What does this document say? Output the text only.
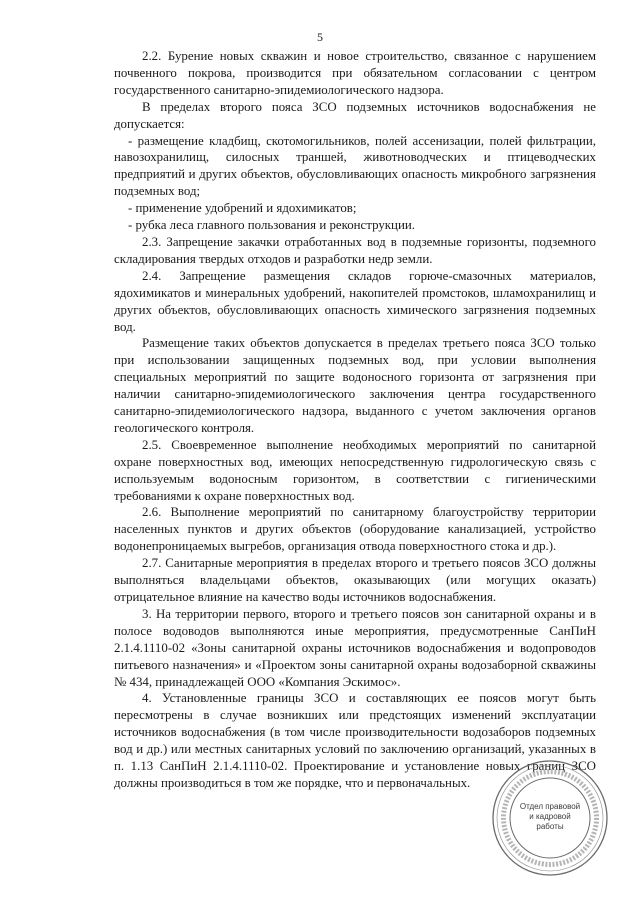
5

2.2. Бурение новых скважин и новое строительство, связанное с нарушением почвенного покрова, производится при обязательном согласовании с центром государственного санитарно-эпидемиологического надзора.

В пределах второго пояса ЗСО подземных источников водоснабжения не допускается:

- размещение кладбищ, скотомогильников, полей ассенизации, полей фильтрации, навозохранилищ, силосных траншей, животноводческих и птицеводческих предприятий и других объектов, обусловливающих опасность микробного загрязнения подземных вод;

- применение удобрений и ядохимикатов;

- рубка леса главного пользования и реконструкции.

2.3. Запрещение закачки отработанных вод в подземные горизонты, подземного складирования твердых отходов и разработки недр земли.

2.4. Запрещение размещения складов горюче-смазочных материалов, ядохимикатов и минеральных удобрений, накопителей промстоков, шламохранилищ и других объектов, обусловливающих опасность химического загрязнения подземных вод.

Размещение таких объектов допускается в пределах третьего пояса ЗСО только при использовании защищенных подземных вод, при условии выполнения специальных мероприятий по защите водоносного горизонта от загрязнения при наличии санитарно-эпидемиологического заключения центра государственного санитарно-эпидемиологического надзора, выданного с учетом заключения органов геологического контроля.

2.5. Своевременное выполнение необходимых мероприятий по санитарной охране поверхностных вод, имеющих непосредственную гидрологическую связь с используемым водоносным горизонтом, в соответствии с гигиеническими требованиями к охране поверхностных вод.

2.6. Выполнение мероприятий по санитарному благоустройству территории населенных пунктов и других объектов (оборудование канализацией, устройство водонепроницаемых выгребов, организация отвода поверхностного стока и др.).

2.7. Санитарные мероприятия в пределах второго и третьего поясов ЗСО должны выполняться владельцами объектов, оказывающих (или могущих оказать) отрицательное влияние на качество воды источников водоснабжения.

3. На территории первого, второго и третьего поясов зон санитарной охраны и в полосе водоводов выполняются иные мероприятия, предусмотренные СанПиН 2.1.4.1110-02 «Зоны санитарной охраны источников водоснабжения и водопроводов питьевого назначения» и «Проектом зоны санитарной охраны водозаборной скважины № 434, принадлежащей ООО «Компания Эскимос».

4. Установленные границы ЗСО и составляющих ее поясов могут быть пересмотрены в случае возникших или предстоящих изменений эксплуатации источников водоснабжения (в том числе производительности водозаборов подземных вод и др.) или местных санитарных условий по заключению организаций, указанных в п. 1.13 СанПиН 2.1.4.1110-02. Проектирование и установление новых границ ЗСО должны производиться в том же порядке, что и первоначальных.

Отдел правовой
и кадровой
работы
